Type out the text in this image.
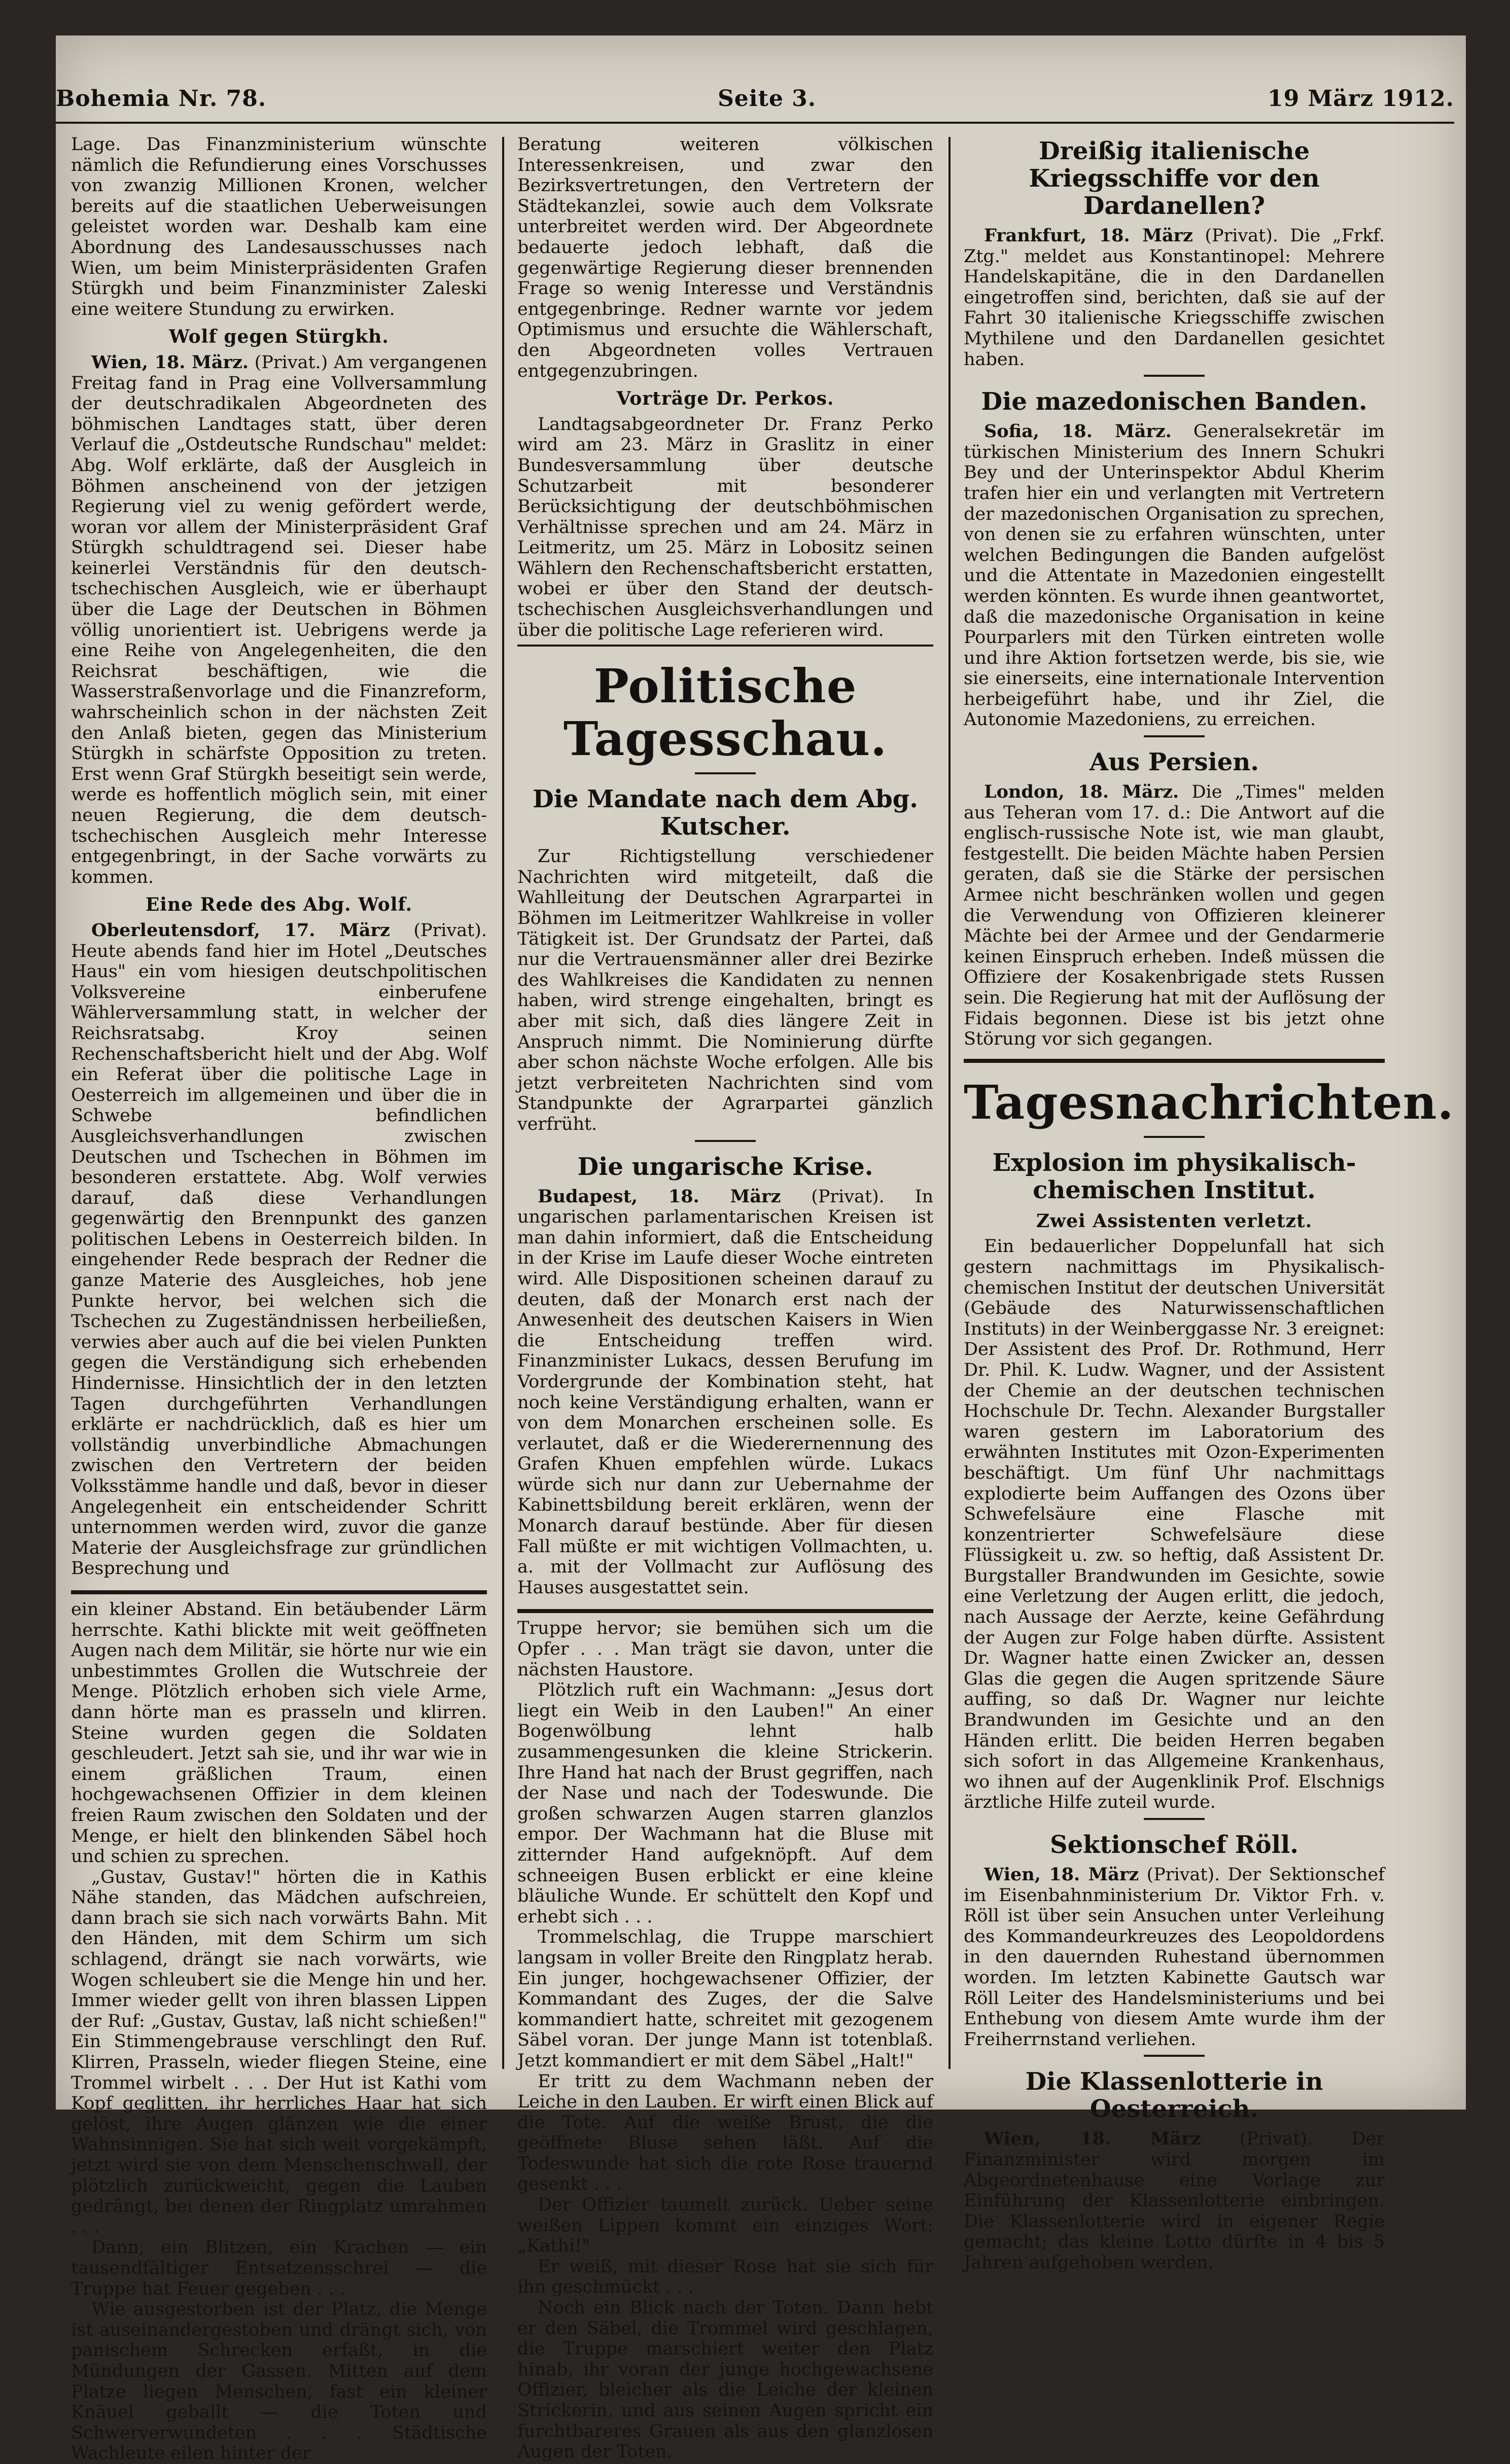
Bohemia Nr. 78.	Seite 3.	19 März 1912.

Lage. Das Finanzministerium wünschte nämlich die Refundierung eines Vorschusses von zwanzig Millionen Kronen, welcher bereits auf die staatlichen Ueberweisungen geleistet worden war. Deshalb kam eine Abordnung des Landesausschusses nach Wien, um beim Ministerpräsidenten Grafen Stürgkh und beim Finanzminister Zaleski eine weitere Stundung zu erwirken.

Wolf gegen Stürgkh.

Wien, 18. März. (Privat.) Am vergangenen Freitag fand in Prag eine Vollversammlung der deutschradikalen Abgeordneten des böhmischen Landtages statt, über deren Verlauf die „Ostdeutsche Rundschau" meldet: Abg. Wolf erklärte, daß der Ausgleich in Böhmen anscheinend von der jetzigen Regierung viel zu wenig gefördert werde, woran vor allem der Ministerpräsident Graf Stürgkh schuldtragend sei. Dieser habe keinerlei Verständnis für den deutsch-tschechischen Ausgleich, wie er überhaupt über die Lage der Deutschen in Böhmen völlig unorientiert ist. Uebrigens werde ja eine Reihe von Angelegenheiten, die den Reichsrat beschäftigen, wie die Wasserstraßenvorlage und die Finanzreform, wahrscheinlich schon in der nächsten Zeit den Anlaß bieten, gegen das Ministerium Stürgkh in schärfste Opposition zu treten. Erst wenn Graf Stürgkh beseitigt sein werde, werde es hoffentlich möglich sein, mit einer neuen Regierung, die dem deutsch-tschechischen Ausgleich mehr Interesse entgegenbringt, in der Sache vorwärts zu kommen.

Eine Rede des Abg. Wolf.

Oberleutensdorf, 17. März (Privat). Heute abends fand hier im Hotel „Deutsches Haus" ein vom hiesigen deutschpolitischen Volksvereine einberufene Wählerversammlung statt, in welcher der Reichsratsabg. Kroy seinen Rechenschaftsbericht hielt und der Abg. Wolf ein Referat über die politische Lage in Oesterreich im allgemeinen und über die in Schwebe befindlichen Ausgleichsverhandlungen zwischen Deutschen und Tschechen in Böhmen im besonderen erstattete. Abg. Wolf verwies darauf, daß diese Verhandlungen gegenwärtig den Brennpunkt des ganzen politischen Lebens in Oesterreich bilden. In eingehender Rede besprach der Redner die ganze Materie des Ausgleiches, hob jene Punkte hervor, bei welchen sich die Tschechen zu Zugeständnissen herbeiließen, verwies aber auch auf die bei vielen Punkten gegen die Verständigung sich erhebenden Hindernisse. Hinsichtlich der in den letzten Tagen durchgeführten Verhandlungen erklärte er nachdrücklich, daß es hier um vollständig unverbindliche Abmachungen zwischen den Vertretern der beiden Volksstämme handle und daß, bevor in dieser Angelegenheit ein entscheidender Schritt unternommen werden wird, zuvor die ganze Materie der Ausgleichsfrage zur gründlichen Besprechung und

ein kleiner Abstand. Ein betäubender Lärm herrschte. Kathi blickte mit weit geöffneten Augen nach dem Militär, sie hörte nur wie ein unbestimmtes Grollen die Wutschreie der Menge. Plötzlich erhoben sich viele Arme, dann hörte man es prasseln und klirren. Steine wurden gegen die Soldaten geschleudert. Jetzt sah sie, und ihr war wie in einem gräßlichen Traum, einen hochgewachsenen Offizier in dem kleinen freien Raum zwischen den Soldaten und der Menge, er hielt den blinkenden Säbel hoch und schien zu sprechen.

„Gustav, Gustav!" hörten die in Kathis Nähe standen, das Mädchen aufschreien, dann brach sie sich nach vorwärts Bahn. Mit den Händen, mit dem Schirm um sich schlagend, drängt sie nach vorwärts, wie Wogen schleubert sie die Menge hin und her. Immer wieder gellt von ihren blassen Lippen der Ruf: „Gustav, Gustav, laß nicht schießen!" Ein Stimmengebrause verschlingt den Ruf. Klirren, Prasseln, wieder fliegen Steine, eine Trommel wirbelt . . . Der Hut ist Kathi vom Kopf geglitten, ihr herrliches Haar hat sich gelöst, ihre Augen glänzen wie die einer Wahnsinnigen. Sie hat sich weit vorgekämpft, jetzt wird sie von dem Menschenschwall, der plötzlich zurückweicht, gegen die Lauben gedrängt, bei denen der Ringplatz umrahmen . . .

Dann, ein Blitzen, ein Krachen — ein tausendfältiger Entsetzensschrei — die Truppe hat Feuer gegeben . . .

Wie ausgestorben ist der Platz, die Menge ist auseinandergestoben und drängt sich, von panischem Schrecken erfaßt, in die Mündungen der Gassen. Mitten auf dem Platze liegen Menschen, fast ein kleiner Knäuel geballt — die Toten und Schwerverwundeten . . . Städtische Wachleute eilen hinter der

Beratung weiteren völkischen Interessenkreisen, und zwar den Bezirksvertretungen, den Vertretern der Städtekanzlei, sowie auch dem Volksrate unterbreitet werden wird. Der Abgeordnete bedauerte jedoch lebhaft, daß die gegenwärtige Regierung dieser brennenden Frage so wenig Interesse und Verständnis entgegenbringe. Redner warnte vor jedem Optimismus und ersuchte die Wählerschaft, den Abgeordneten volles Vertrauen entgegenzubringen.

Vorträge Dr. Perkos.

Landtagsabgeordneter Dr. Franz Perko wird am 23. März in Graslitz in einer Bundesversammlung über deutsche Schutzarbeit mit besonderer Berücksichtigung der deutschböhmischen Verhältnisse sprechen und am 24. März in Leitmeritz, um 25. März in Lobositz seinen Wählern den Rechenschaftsbericht erstatten, wobei er über den Stand der deutsch-tschechischen Ausgleichsverhandlungen und über die politische Lage referieren wird.

Politische Tagesschau.
Die Mandate nach dem Abg. Kutscher.

Zur Richtigstellung verschiedener Nachrichten wird mitgeteilt, daß die Wahlleitung der Deutschen Agrarpartei in Böhmen im Leitmeritzer Wahlkreise in voller Tätigkeit ist. Der Grundsatz der Partei, daß nur die Vertrauensmänner aller drei Bezirke des Wahlkreises die Kandidaten zu nennen haben, wird strenge eingehalten, bringt es aber mit sich, daß dies längere Zeit in Anspruch nimmt. Die Nominierung dürfte aber schon nächste Woche erfolgen. Alle bis jetzt verbreiteten Nachrichten sind vom Standpunkte der Agrarpartei gänzlich verfrüht.

Die ungarische Krise.

Budapest, 18. März (Privat). In ungarischen parlamentarischen Kreisen ist man dahin informiert, daß die Entscheidung in der Krise im Laufe dieser Woche eintreten wird. Alle Dispositionen scheinen darauf zu deuten, daß der Monarch erst nach der Anwesenheit des deutschen Kaisers in Wien die Entscheidung treffen wird. Finanzminister Lukacs, dessen Berufung im Vordergrunde der Kombination steht, hat noch keine Verständigung erhalten, wann er von dem Monarchen erscheinen solle. Es verlautet, daß er die Wiederernennung des Grafen Khuen empfehlen würde. Lukacs würde sich nur dann zur Uebernahme der Kabinettsbildung bereit erklären, wenn der Monarch darauf bestünde. Aber für diesen Fall müßte er mit wichtigen Vollmachten, u. a. mit der Vollmacht zur Auflösung des Hauses ausgestattet sein.

Truppe hervor; sie bemühen sich um die Opfer . . . Man trägt sie davon, unter die nächsten Haustore.

Plötzlich ruft ein Wachmann: „Jesus dort liegt ein Weib in den Lauben!" An einer Bogenwölbung lehnt halb zusammengesunken die kleine Strickerin. Ihre Hand hat nach der Brust gegriffen, nach der Nase und nach der Todeswunde. Die großen schwarzen Augen starren glanzlos empor. Der Wachmann hat die Bluse mit zitternder Hand aufgeknöpft. Auf dem schneeigen Busen erblickt er eine kleine bläuliche Wunde. Er schüttelt den Kopf und erhebt sich . . .

Trommelschlag, die Truppe marschiert langsam in voller Breite den Ringplatz herab. Ein junger, hochgewachsener Offizier, der Kommandant des Zuges, der die Salve kommandiert hatte, schreitet mit gezogenem Säbel voran. Der junge Mann ist totenblaß. Jetzt kommandiert er mit dem Säbel „Halt!"

Er tritt zu dem Wachmann neben der Leiche in den Lauben. Er wirft einen Blick auf die Tote. Auf die weiße Brust, die die geöffnete Bluse sehen läßt. Auf die Todeswunde hat sich die rote Rose trauernd gesenkt . . .

Der Offizier taumelt zurück. Ueber seine weißen Lippen kommt ein einziges Wort: „Kathi!"

Er weiß, mit dieser Rose hat sie sich für ihn geschmückt . . .

Noch ein Blick nach der Toten. Dann hebt er den Säbel, die Trommel wird geschlagen, die Truppe marschiert weiter den Platz hinab, ihr voran der junge hochgewachsene Offizier, bleicher als die Leiche der kleinen Strickerin, und aus seinen Augen spricht ein furchtbareres Grauen als aus den glanzlosen Augen der Toten.

Dreißig italienische Kriegsschiffe vor den Dardanellen?

Frankfurt, 18. März (Privat). Die „Frkf. Ztg." meldet aus Konstantinopel: Mehrere Handelskapitäne, die in den Dardanellen eingetroffen sind, berichten, daß sie auf der Fahrt 30 italienische Kriegsschiffe zwischen Mythilene und den Dardanellen gesichtet haben.

Die mazedonischen Banden.

Sofia, 18. März. Generalsekretär im türkischen Ministerium des Innern Schukri Bey und der Unterinspektor Abdul Kherim trafen hier ein und verlangten mit Vertretern der mazedonischen Organisation zu sprechen, von denen sie zu erfahren wünschten, unter welchen Bedingungen die Banden aufgelöst und die Attentate in Mazedonien eingestellt werden könnten. Es wurde ihnen geantwortet, daß die mazedonische Organisation in keine Pourparlers mit den Türken eintreten wolle und ihre Aktion fortsetzen werde, bis sie, wie sie einerseits, eine internationale Intervention herbeigeführt habe, und ihr Ziel, die Autonomie Mazedoniens, zu erreichen.

Aus Persien.

London, 18. März. Die „Times" melden aus Teheran vom 17. d.: Die Antwort auf die englisch-russische Note ist, wie man glaubt, festgestellt. Die beiden Mächte haben Persien geraten, daß sie die Stärke der persischen Armee nicht beschränken wollen und gegen die Verwendung von Offizieren kleinerer Mächte bei der Armee und der Gendarmerie keinen Einspruch erheben. Indeß müssen die Offiziere der Kosakenbrigade stets Russen sein. Die Regierung hat mit der Auflösung der Fidais begonnen. Diese ist bis jetzt ohne Störung vor sich gegangen.

Tagesnachrichten.
Explosion im physikalisch-chemischen Institut.
Zwei Assistenten verletzt.

Ein bedauerlicher Doppelunfall hat sich gestern nachmittags im Physikalisch-chemischen Institut der deutschen Universität (Gebäude des Naturwissenschaftlichen Instituts) in der Weinberggasse Nr. 3 ereignet: Der Assistent des Prof. Dr. Rothmund, Herr Dr. Phil. K. Ludw. Wagner, und der Assistent der Chemie an der deutschen technischen Hochschule Dr. Techn. Alexander Burgstaller waren gestern im Laboratorium des erwähnten Institutes mit Ozon-Experimenten beschäftigt. Um fünf Uhr nachmittags explodierte beim Auffangen des Ozons über Schwefelsäure eine Flasche mit konzentrierter Schwefelsäure diese Flüssigkeit u. zw. so heftig, daß Assistent Dr. Burgstaller Brandwunden im Gesichte, sowie eine Verletzung der Augen erlitt, die jedoch, nach Aussage der Aerzte, keine Gefährdung der Augen zur Folge haben dürfte. Assistent Dr. Wagner hatte einen Zwicker an, dessen Glas die gegen die Augen spritzende Säure auffing, so daß Dr. Wagner nur leichte Brandwunden im Gesichte und an den Händen erlitt. Die beiden Herren begaben sich sofort in das Allgemeine Krankenhaus, wo ihnen auf der Augenklinik Prof. Elschnigs ärztliche Hilfe zuteil wurde.

Sektionschef Röll.

Wien, 18. März (Privat). Der Sektionschef im Eisenbahnministerium Dr. Viktor Frh. v. Röll ist über sein Ansuchen unter Verleihung des Kommandeurkreuzes des Leopoldordens in den dauernden Ruhestand übernommen worden. Im letzten Kabinette Gautsch war Röll Leiter des Handelsministeriums und bei Enthebung von diesem Amte wurde ihm der Freiherrnstand verliehen.

Die Klassenlotterie in Oesterreich.

Wien, 18. März (Privat). Der Finanzminister wird morgen im Abgeordnetenhause eine Vorlage zur Einführung der Klassenlotterie einbringen. Die Klassenlotterie wird in eigener Regie gemacht; das kleine Lotto dürfte in 4 bis 5 Jahren aufgehoben werden.
